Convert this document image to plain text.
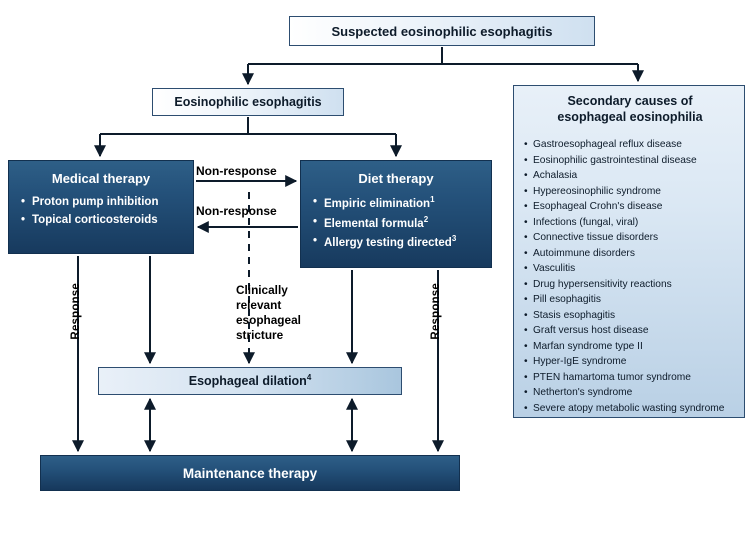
Suspected eosinophilic esophagitis
Eosinophilic esophagitis
Medical therapy
• Proton pump inhibition
• Topical corticosteroids
Diet therapy
• Empiric elimination$^1$
• Elemental formula$^2$
• Allergy testing directed$^3$
Esophageal dilation$^4$
Maintenance therapy
Secondary causes of
esophageal eosinophilia
• Gastroesophageal reflux disease
• Eosinophilic gastrointestinal disease
• Achalasia
• Hypereosinophilic syndrome
• Esophageal Crohn's disease
• Infections (fungal, viral)
• Connective tissue disorders
• Autoimmune disorders
• Vasculitis
• Drug hypersensitivity reactions
• Pill esophagitis
• Stasis esophagitis
• Graft versus host disease
• Marfan syndrome type II
• Hyper-IgE syndrome
• PTEN hamartoma tumor syndrome
• Netherton's syndrome
• Severe atopy metabolic wasting syndrome
Non-response
Non-response
Response	Response
Clinically relevant esophageal stricture
